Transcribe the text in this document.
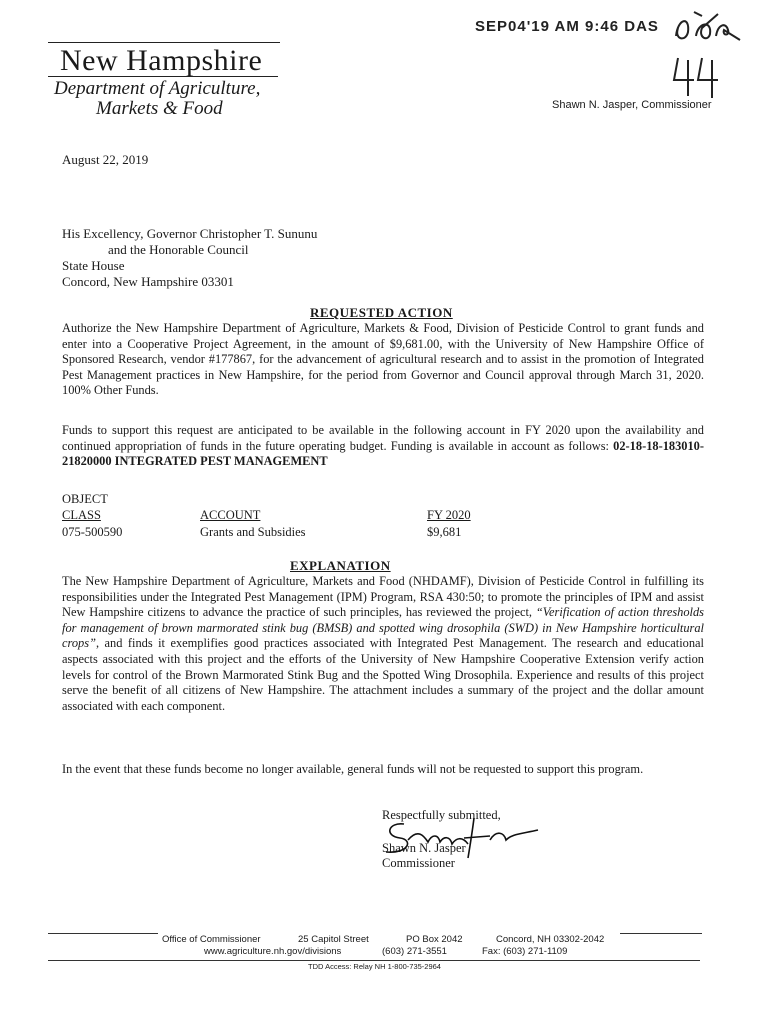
SEP04'19 AM 9:46 DAS
New Hampshire
Department of Agriculture,
Markets & Food	Shawn N. Jasper, Commissioner
August 22, 2019
His Excellency, Governor Christopher T. Sununu
and the Honorable Council
State House
Concord, New Hampshire 03301
REQUESTED ACTION
Authorize the New Hampshire Department of Agriculture, Markets & Food, Division of Pesticide Control to grant funds and enter into a Cooperative Project Agreement, in the amount of $9,681.00, with the University of New Hampshire Office of Sponsored Research, vendor #177867, for the advancement of agricultural research and to assist in the promotion of Integrated Pest Management practices in New Hampshire, for the period from Governor and Council approval through March 31, 2020. 100% Other Funds.
Funds to support this request are anticipated to be available in the following account in FY 2020 upon the availability and continued appropriation of funds in the future operating budget. Funding is available in account as follows: 02-18-18-183010-21820000 INTEGRATED PEST MANAGEMENT
OBJECT
CLASS	ACCOUNT	FY 2020
075-500590	Grants and Subsidies	$9,681
EXPLANATION
The New Hampshire Department of Agriculture, Markets and Food (NHDAMF), Division of Pesticide Control in fulfilling its responsibilities under the Integrated Pest Management (IPM) Program, RSA 430:50; to promote the principles of IPM and assist New Hampshire citizens to advance the practice of such principles, has reviewed the project, “Verification of action thresholds for management of brown marmorated stink bug (BMSB) and spotted wing drosophila (SWD) in New Hampshire horticultural crops”, and finds it exemplifies good practices associated with Integrated Pest Management. The research and educational aspects associated with this project and the efforts of the University of New Hampshire Cooperative Extension verify action levels for control of the Brown Marmorated Stink Bug and the Spotted Wing Drosophila. Experience and results of this project serve the benefit of all citizens of New Hampshire. The attachment includes a summary of the project and the dollar amount associated with each component.
In the event that these funds become no longer available, general funds will not be requested to support this program.
Respectfully submitted,
Shawn N. Jasper
Commissioner
Office of Commissioner	25 Capitol Street	PO Box 2042	Concord, NH 03302-2042
www.agriculture.nh.gov/divisions	(603) 271-3551	Fax: (603) 271-1109
TDD Access: Relay NH 1-800-735-2964
